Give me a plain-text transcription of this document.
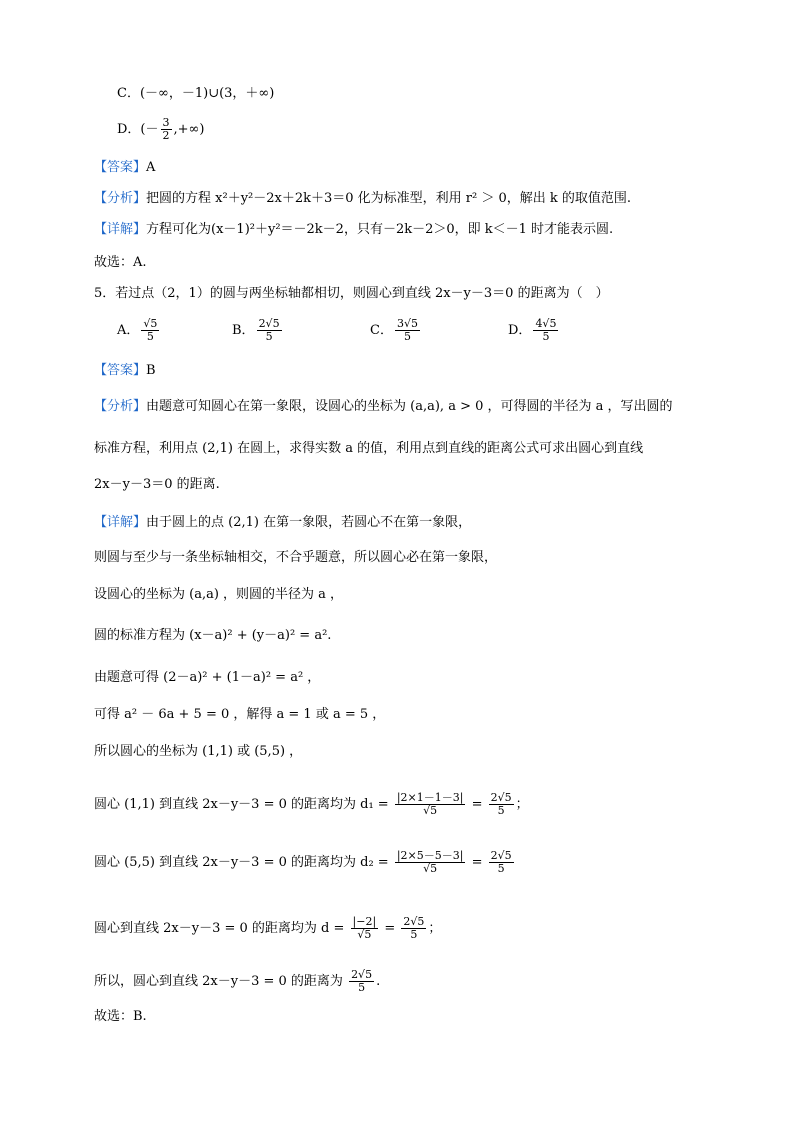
C．(－∞，－1)∪(3，＋∞)
D．(－ $\frac{3}{2}$ ,+∞)
【答案】A
【分析】把圆的方程 x²＋y²－2x＋2k＋3＝0 化为标准型，利用 r² ＞ 0，解出 k 的取值范围.
【详解】方程可化为(x－1)²＋y²＝－2k－2，只有－2k－2＞0，即 k＜－1 时才能表示圆.
故选：A.
5．若过点（2，1）的圆与两坐标轴都相切，则圆心到直线 2x－y－3＝0 的距离为（　）
A． $\frac{√5}{5}$	B． $\frac{2√5}{5}$	C． $\frac{3√5}{5}$	D． $\frac{4√5}{5}$
【答案】B
【分析】由题意可知圆心在第一象限，设圆心的坐标为 (a,a), a > 0 ，可得圆的半径为 a ，写出圆的
标准方程，利用点 (2,1) 在圆上，求得实数 a 的值，利用点到直线的距离公式可求出圆心到直线
2x－y－3＝0 的距离.
【详解】由于圆上的点 (2,1) 在第一象限，若圆心不在第一象限，
则圆与至少与一条坐标轴相交，不合乎题意，所以圆心必在第一象限，
设圆心的坐标为 (a,a) ，则圆的半径为 a ，
圆的标准方程为 (x－a)² + (y－a)² = a².
由题意可得 (2－a)² + (1－a)² = a² ，
可得 a² － 6a + 5 = 0 ，解得 a = 1 或 a = 5 ，
所以圆心的坐标为 (1,1) 或 (5,5) ，
圆心 (1,1) 到直线 2x－y－3 = 0 的距离均为 $d_1 = \frac{|2\times 1-1-3|}{√5} = \frac{2√5}{5}$ ；
圆心 (5,5) 到直线 2x－y－3 = 0 的距离均为 $d_2 = \frac{|2\times 5-5-3|}{√5} = \frac{2√5}{5}$
圆心到直线 2x－y－3 = 0 的距离均为 $d = \frac{|-2|}{√5} = \frac{2√5}{5}$ ；
所以，圆心到直线 2x－y－3 = 0 的距离为 $\frac{2√5}{5}$ .
故选：B.
